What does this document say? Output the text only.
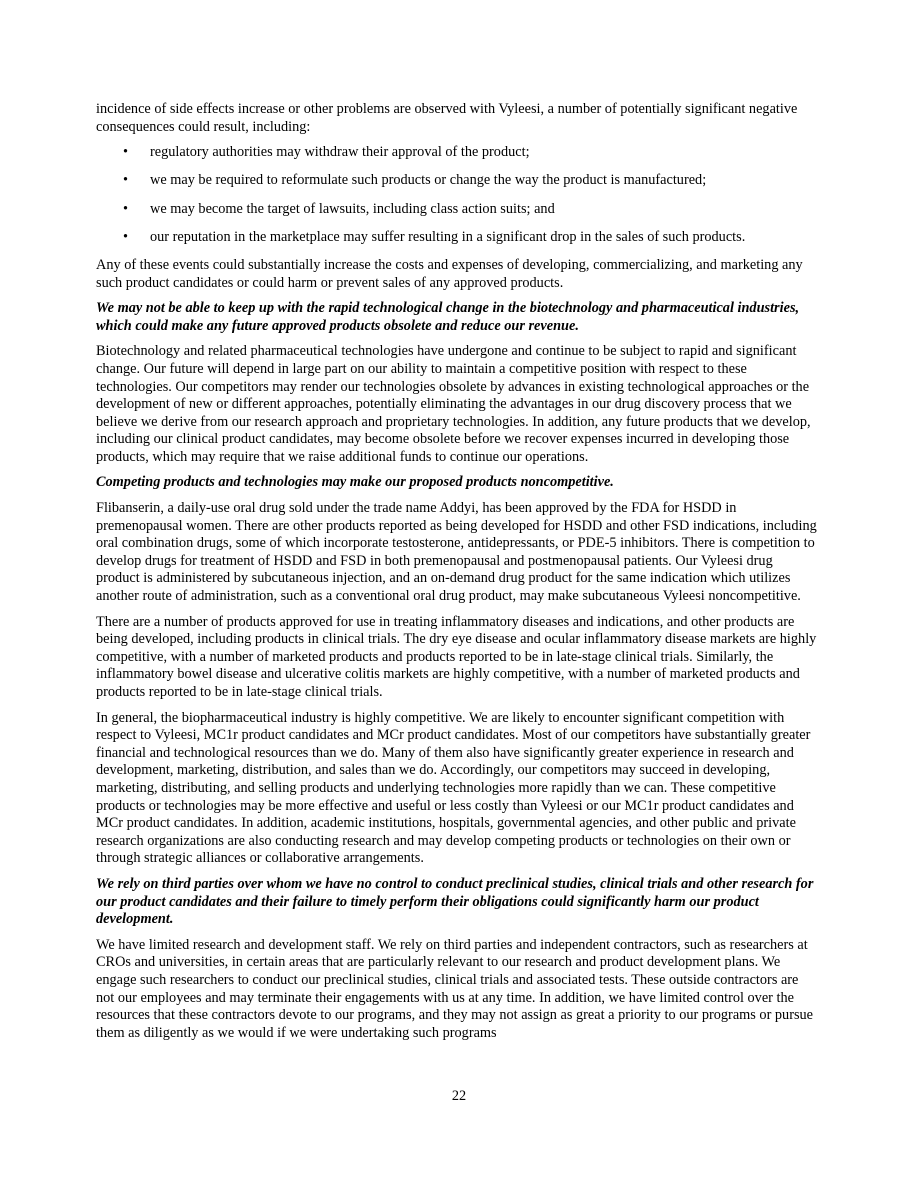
incidence of side effects increase or other problems are observed with Vyleesi, a number of potentially significant negative consequences could result, including:

• regulatory authorities may withdraw their approval of the product;
• we may be required to reformulate such products or change the way the product is manufactured;
• we may become the target of lawsuits, including class action suits; and
• our reputation in the marketplace may suffer resulting in a significant drop in the sales of such products.

Any of these events could substantially increase the costs and expenses of developing, commercializing, and marketing any such product candidates or could harm or prevent sales of any approved products.

We may not be able to keep up with the rapid technological change in the biotechnology and pharmaceutical industries, which could make any future approved products obsolete and reduce our revenue.

Biotechnology and related pharmaceutical technologies have undergone and continue to be subject to rapid and significant change. Our future will depend in large part on our ability to maintain a competitive position with respect to these technologies. Our competitors may render our technologies obsolete by advances in existing technological approaches or the development of new or different approaches, potentially eliminating the advantages in our drug discovery process that we believe we derive from our research approach and proprietary technologies. In addition, any future products that we develop, including our clinical product candidates, may become obsolete before we recover expenses incurred in developing those products, which may require that we raise additional funds to continue our operations.

Competing products and technologies may make our proposed products noncompetitive.

Flibanserin, a daily-use oral drug sold under the trade name Addyi, has been approved by the FDA for HSDD in premenopausal women. There are other products reported as being developed for HSDD and other FSD indications, including oral combination drugs, some of which incorporate testosterone, antidepressants, or PDE-5 inhibitors. There is competition to develop drugs for treatment of HSDD and FSD in both premenopausal and postmenopausal patients. Our Vyleesi drug product is administered by subcutaneous injection, and an on-demand drug product for the same indication which utilizes another route of administration, such as a conventional oral drug product, may make subcutaneous Vyleesi noncompetitive.

There are a number of products approved for use in treating inflammatory diseases and indications, and other products are being developed, including products in clinical trials. The dry eye disease and ocular inflammatory disease markets are highly competitive, with a number of marketed products and products reported to be in late-stage clinical trials. Similarly, the inflammatory bowel disease and ulcerative colitis markets are highly competitive, with a number of marketed products and products reported to be in late-stage clinical trials.

In general, the biopharmaceutical industry is highly competitive. We are likely to encounter significant competition with respect to Vyleesi, MC1r product candidates and MCr product candidates. Most of our competitors have substantially greater financial and technological resources than we do. Many of them also have significantly greater experience in research and development, marketing, distribution, and sales than we do. Accordingly, our competitors may succeed in developing, marketing, distributing, and selling products and underlying technologies more rapidly than we can. These competitive products or technologies may be more effective and useful or less costly than Vyleesi or our MC1r product candidates and MCr product candidates. In addition, academic institutions, hospitals, governmental agencies, and other public and private research organizations are also conducting research and may develop competing products or technologies on their own or through strategic alliances or collaborative arrangements.

We rely on third parties over whom we have no control to conduct preclinical studies, clinical trials and other research for our product candidates and their failure to timely perform their obligations could significantly harm our product development.

We have limited research and development staff. We rely on third parties and independent contractors, such as researchers at CROs and universities, in certain areas that are particularly relevant to our research and product development plans. We engage such researchers to conduct our preclinical studies, clinical trials and associated tests. These outside contractors are not our employees and may terminate their engagements with us at any time. In addition, we have limited control over the resources that these contractors devote to our programs, and they may not assign as great a priority to our programs or pursue them as diligently as we would if we were undertaking such programs

22
